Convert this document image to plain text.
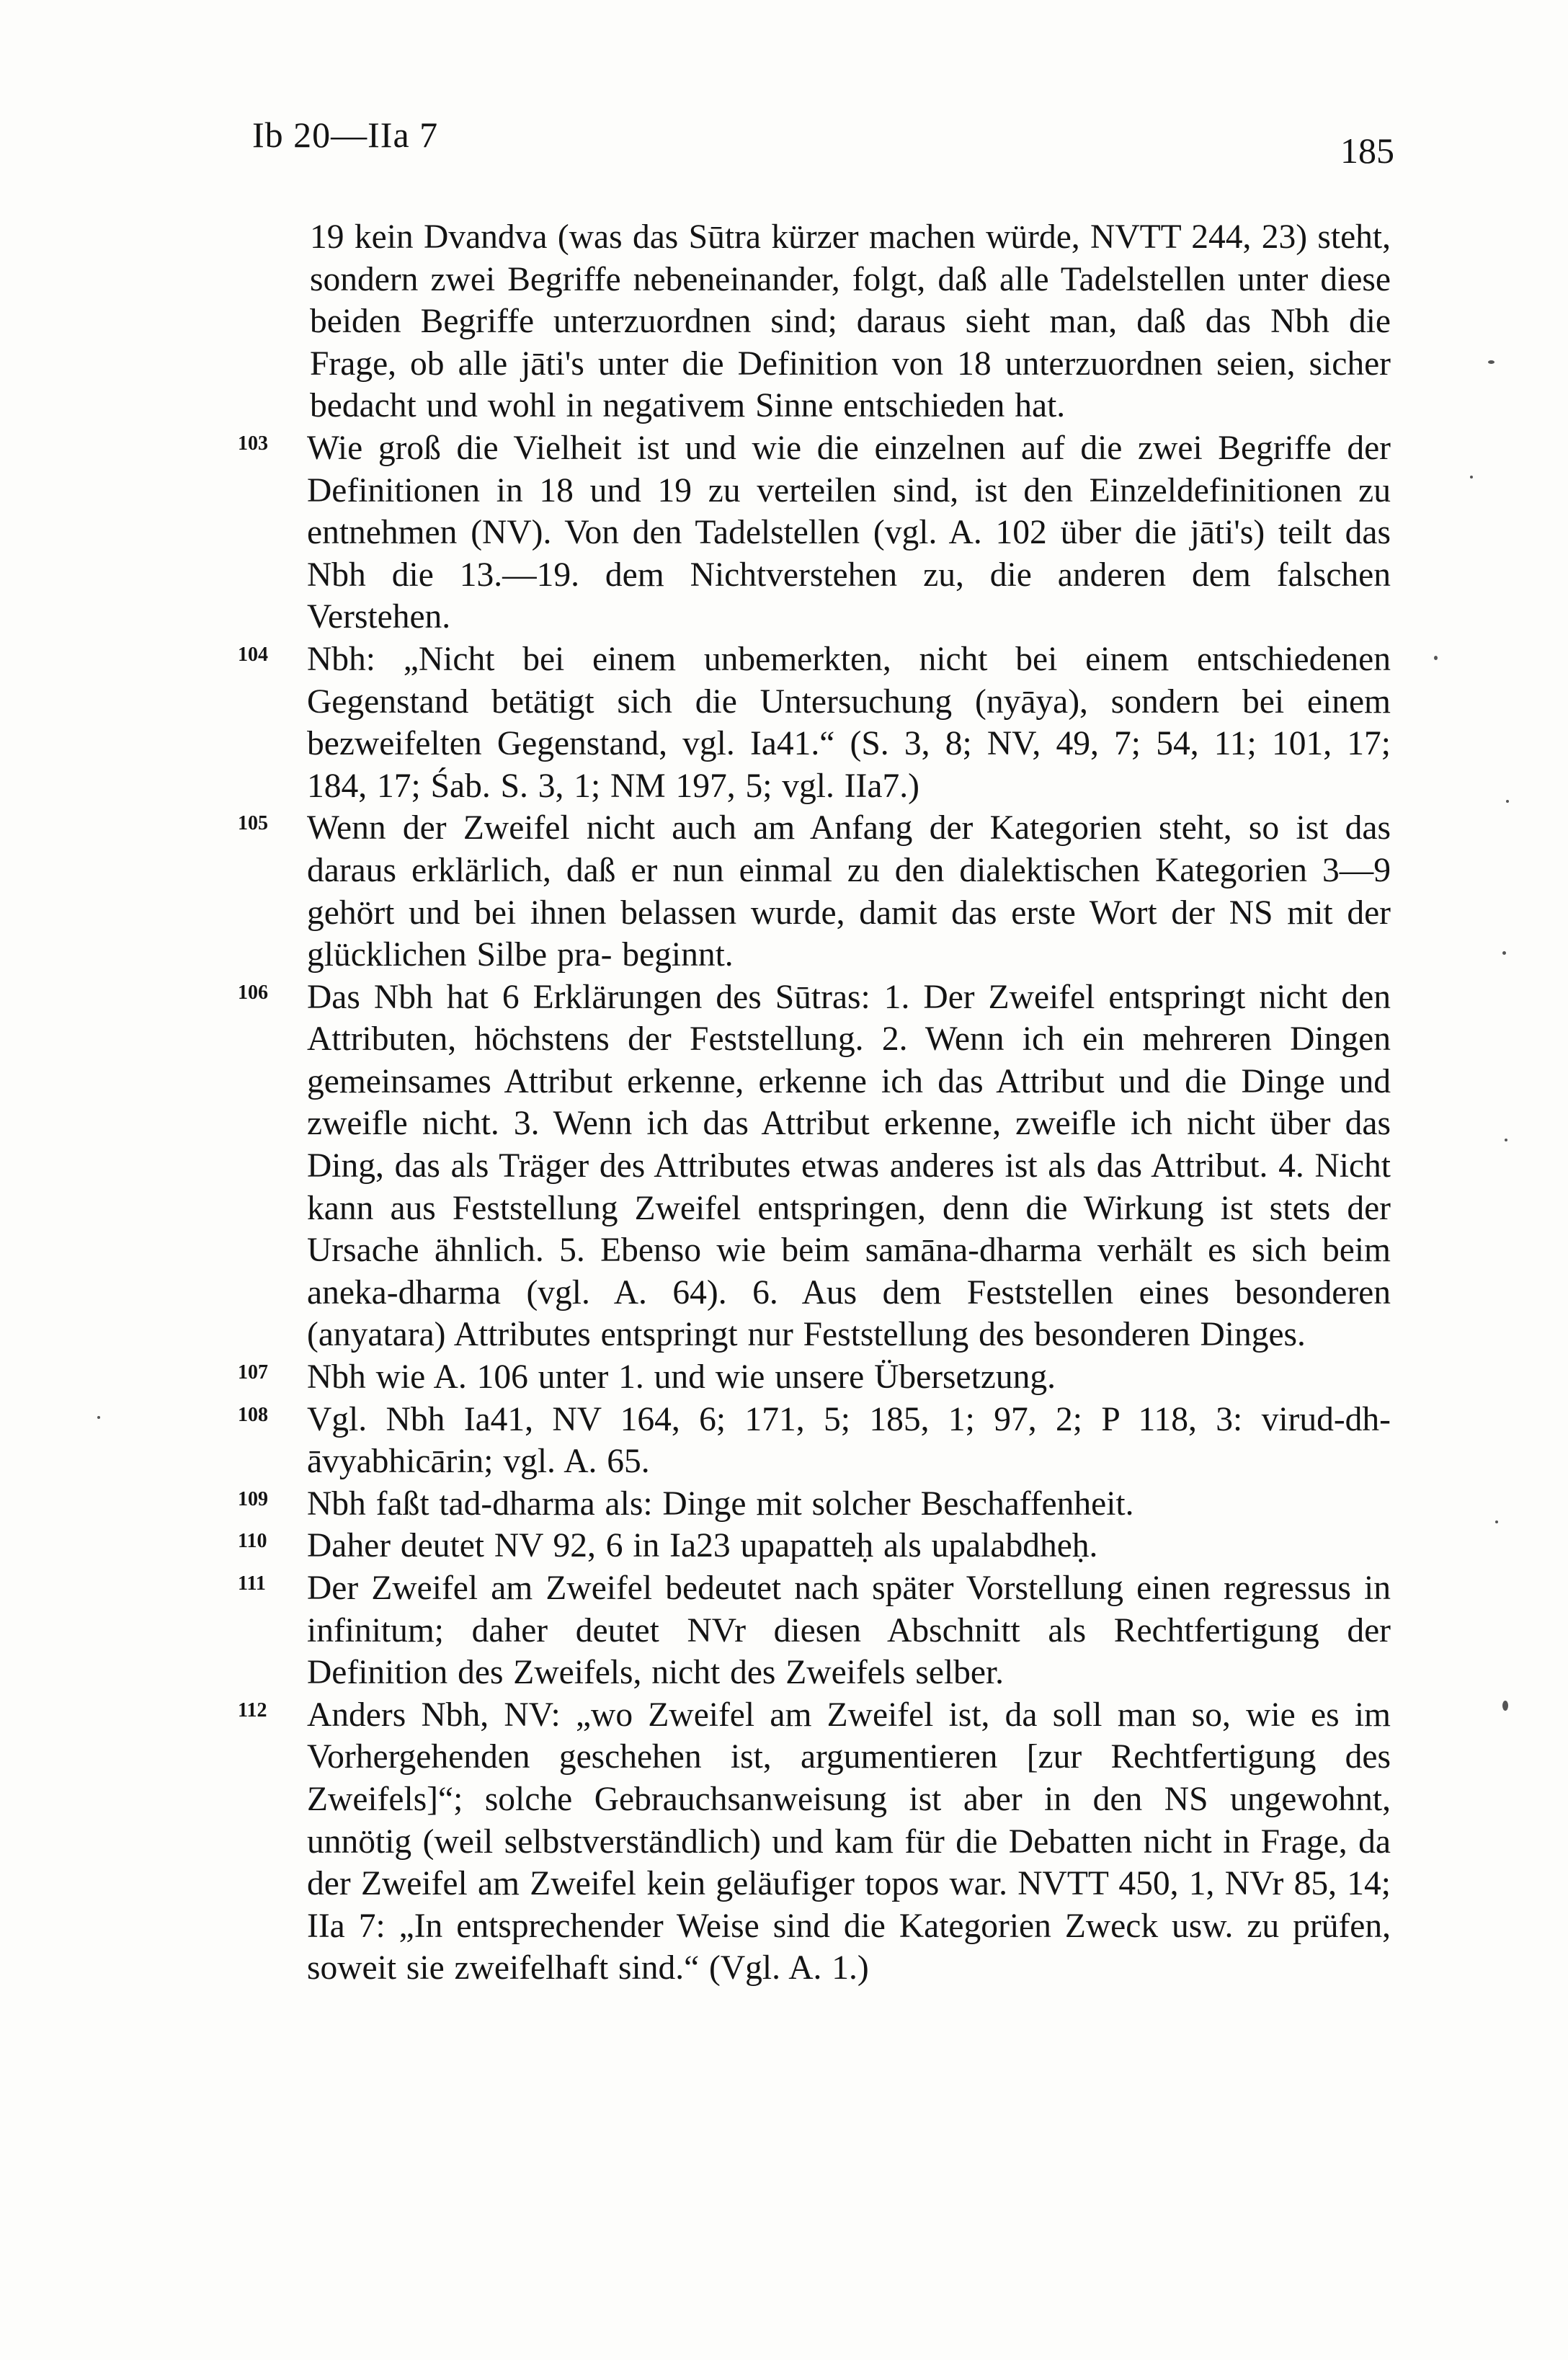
Ib 20—IIa 7	185

19 kein Dvandva (was das Sūtra kürzer machen würde, NVTT 244, 23) steht, sondern zwei Begriffe nebeneinander, folgt, daß alle Tadelstellen unter diese beiden Begriffe unterzuordnen sind; daraus sieht man, daß das Nbh die Frage, ob alle jāti's unter die Definition von 18 unterzuordnen seien, sicher bedacht und wohl in negativem Sinne entschieden hat.

103 Wie groß die Vielheit ist und wie die einzelnen auf die zwei Begriffe der Definitionen in 18 und 19 zu verteilen sind, ist den Einzeldefinitionen zu entnehmen (NV). Von den Tadelstellen (vgl. A. 102 über die jāti's) teilt das Nbh die 13.—19. dem Nichtverstehen zu, die anderen dem falschen Verstehen.

104 Nbh: „Nicht bei einem unbemerkten, nicht bei einem entschiedenen Gegenstand betätigt sich die Untersuchung (nyāya), sondern bei einem bezweifelten Gegenstand, vgl. Ia41.“ (S. 3, 8; NV, 49, 7; 54, 11; 101, 17; 184, 17; Śab. S. 3, 1; NM 197, 5; vgl. IIa7.)

105 Wenn der Zweifel nicht auch am Anfang der Kategorien steht, so ist das daraus erklärlich, daß er nun einmal zu den dialektischen Kategorien 3—9 gehört und bei ihnen belassen wurde, damit das erste Wort der NS mit der glücklichen Silbe pra- beginnt.

106 Das Nbh hat 6 Erklärungen des Sūtras: 1. Der Zweifel entspringt nicht den Attributen, höchstens der Feststellung. 2. Wenn ich ein mehreren Dingen gemeinsames Attribut erkenne, erkenne ich das Attribut und die Dinge und zweifle nicht. 3. Wenn ich das Attribut erkenne, zweifle ich nicht über das Ding, das als Träger des Attributes etwas anderes ist als das Attribut. 4. Nicht kann aus Feststellung Zweifel entspringen, denn die Wirkung ist stets der Ursache ähnlich. 5. Ebenso wie beim samāna-dharma verhält es sich beim aneka-dharma (vgl. A. 64). 6. Aus dem Feststellen eines besonderen (anyatara) Attributes entspringt nur Feststellung des besonderen Dinges.

107 Nbh wie A. 106 unter 1. und wie unsere Übersetzung.

108 Vgl. Nbh Ia41, NV 164, 6; 171, 5; 185, 1; 97, 2; P 118, 3: virud-dh-āvyabhicārin; vgl. A. 65.

109 Nbh faßt tad-dharma als: Dinge mit solcher Beschaffenheit.

110 Daher deutet NV 92, 6 in Ia23 upapatteḥ als upalabdheḥ.

111 Der Zweifel am Zweifel bedeutet nach später Vorstellung einen regressus in infinitum; daher deutet NVr diesen Abschnitt als Rechtfertigung der Definition des Zweifels, nicht des Zweifels selber.

112 Anders Nbh, NV: „wo Zweifel am Zweifel ist, da soll man so, wie es im Vorhergehenden geschehen ist, argumentieren [zur Rechtfertigung des Zweifels]“; solche Gebrauchsanweisung ist aber in den NS ungewohnt, unnötig (weil selbstverständlich) und kam für die Debatten nicht in Frage, da der Zweifel am Zweifel kein geläufiger topos war. NVTT 450, 1, NVr 85, 14; IIa 7: „In entsprechender Weise sind die Kategorien Zweck usw. zu prüfen, soweit sie zweifelhaft sind.“ (Vgl. A. 1.)
